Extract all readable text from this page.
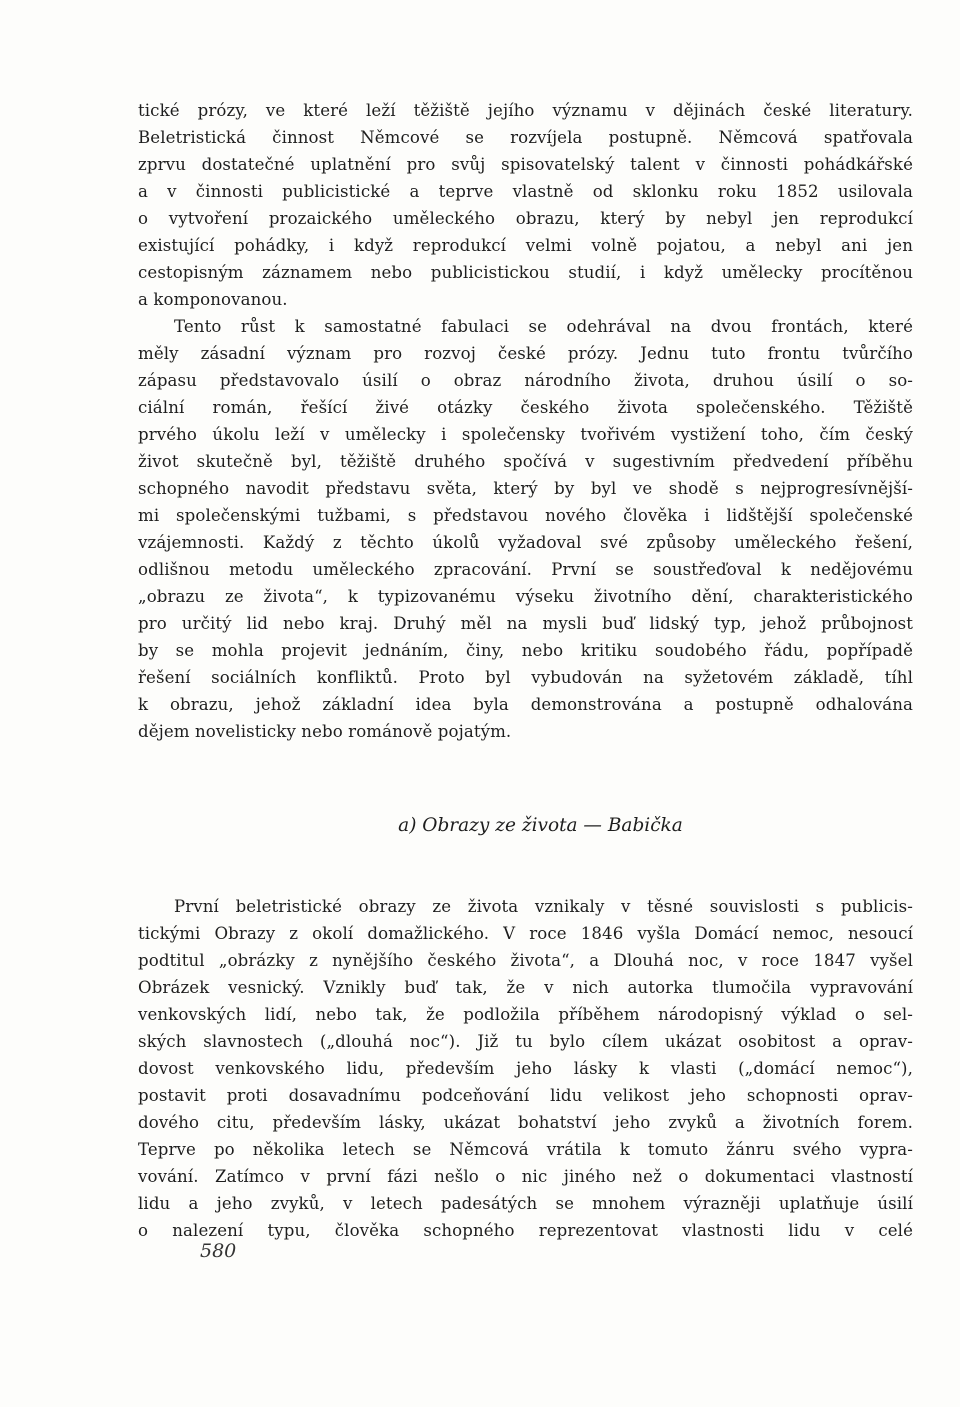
tické prózy, ve které leží těžiště jejího významu v dějinách české literatury.
Beletristická činnost Němcové se rozvíjela postupně. Němcová spatřovala
zprvu dostatečné uplatnění pro svůj spisovatelský talent v činnosti pohádkářské
a v činnosti publicistické a teprve vlastně od sklonku roku 1852 usilovala
o vytvoření prozaického uměleckého obrazu, který by nebyl jen reprodukcí
existující pohádky, i když reprodukcí velmi volně pojatou, a nebyl ani jen
cestopisným záznamem nebo publicistickou studií, i když umělecky procítěnou
a komponovanou.
Tento růst k samostatné fabulaci se odehrával na dvou frontách, které
měly zásadní význam pro rozvoj české prózy. Jednu tuto frontu tvůrčího
zápasu představovalo úsilí o obraz národního života, druhou úsilí o so-
ciální román, řešící živé otázky českého života společenského. Těžiště
prvého úkolu leží v umělecky i společensky tvořivém vystižení toho, čím český
život skutečně byl, těžiště druhého spočívá v sugestivním předvedení příběhu
schopného navodit představu světa, který by byl ve shodě s nejprogresívnější-
mi společenskými tužbami, s představou nového člověka i lidštější společenské
vzájemnosti. Každý z těchto úkolů vyžadoval své způsoby uměleckého řešení,
odlišnou metodu uměleckého zpracování. První se soustřeďoval k nedějovému
„obrazu ze života“, k typizovanému výseku životního dění, charakteristického
pro určitý lid nebo kraj. Druhý měl na mysli buď lidský typ, jehož průbojnost
by se mohla projevit jednáním, činy, nebo kritiku soudobého řádu, popřípadě
řešení sociálních konfliktů. Proto byl vybudován na syžetovém základě, tíhl
k obrazu, jehož základní idea byla demonstrována a postupně odhalována
dějem novelisticky nebo románově pojatým.
a) Obrazy ze života — Babička
První beletristické obrazy ze života vznikaly v těsné souvislosti s publicis-
tickými Obrazy z okolí domažlického. V roce 1846 vyšla Domácí nemoc, nesoucí
podtitul „obrázky z nynějšího českého života“, a Dlouhá noc, v roce 1847 vyšel
Obrázek vesnický. Vznikly buď tak, že v nich autorka tlumočila vypravování
venkovských lidí, nebo tak, že podložila příběhem národopisný výklad o sel-
ských slavnostech („dlouhá noc“). Již tu bylo cílem ukázat osobitost a oprav-
dovost venkovského lidu, především jeho lásky k vlasti („domácí nemoc“),
postavit proti dosavadnímu podceňování lidu velikost jeho schopnosti oprav-
dového citu, především lásky, ukázat bohatství jeho zvyků a životních forem.
Teprve po několika letech se Němcová vrátila k tomuto žánru svého vypra-
vování. Zatímco v první fázi nešlo o nic jiného než o dokumentaci vlastností
lidu a jeho zvyků, v letech padesátých se mnohem výrazněji uplatňuje úsilí
o nalezení typu, člověka schopného reprezentovat vlastnosti lidu v celé
580
